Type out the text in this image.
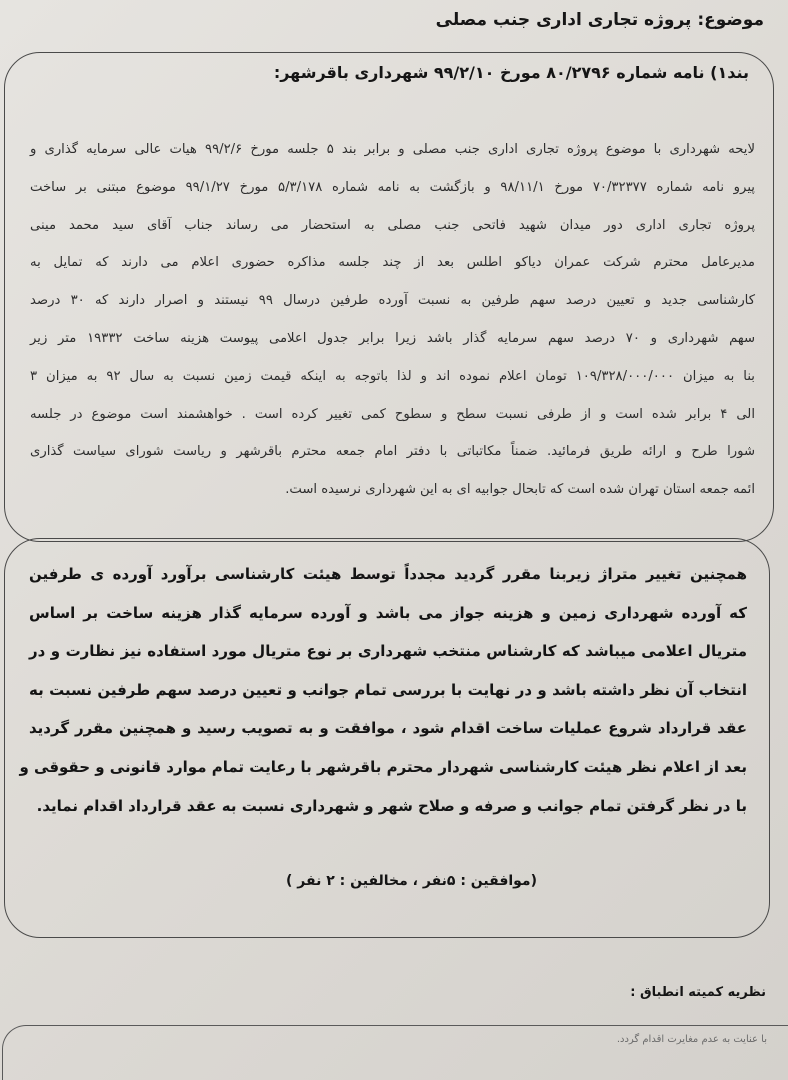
موضوع: پروژه تجاری اداری جنب مصلی
بند۱) نامه شماره ۸۰/۲۷۹۶ مورخ ۹۹/۲/۱۰ شهرداری باقرشهر:
لایحه شهرداری با موضوع پروژه تجاری اداری جنب مصلی و برابر بند ۵ جلسه مورخ ۹۹/۲/۶ هیات عالی سرمایه گذاری و
پیرو نامه شماره ۷۰/۳۲۳۷۷ مورخ ۹۸/۱۱/۱ و بازگشت به نامه شماره ۵/۳/۱۷۸ مورخ ۹۹/۱/۲۷ موضوع مبتنی بر ساخت
پروژه تجاری اداری دور میدان شهید فاتحی جنب مصلی به استحضار می رساند جناب آقای سید محمد مینی
مدیرعامل محترم شرکت عمران دیاکو اطلس بعد از چند جلسه مذاکره حضوری اعلام می دارند که تمایل به
کارشناسی جدید و تعیین درصد سهم طرفین به نسبت آورده طرفین درسال ۹۹ نیستند و اصرار دارند که ۳۰ درصد
سهم شهرداری و ۷۰ درصد سهم سرمایه گذار باشد زیرا برابر جدول اعلامی پیوست هزینه ساخت ۱۹۳۳۲ متر زیر
بنا به میزان ۱۰۹/۳۲۸/۰۰۰/۰۰۰ تومان اعلام نموده اند و لذا باتوجه به اینکه قیمت زمین نسبت به سال ۹۲ به میزان ۳
الی ۴ برابر شده است و از طرفی نسبت سطح و سطوح کمی تغییر کرده است . خواهشمند است موضوع در جلسه
شورا طرح و ارائه طریق فرمائید. ضمناً مکاتباتی با دفتر امام جمعه محترم باقرشهر و ریاست شورای سیاست گذاری
ائمه جمعه استان تهران شده است که تابحال جوابیه ای به این شهرداری نرسیده است.
همچنین تغییر متراژ زیربنا مقرر گردید مجدداً توسط هیئت کارشناسی برآورد آورده ی طرفین
که آورده شهرداری زمین و هزینه جواز می باشد و آورده سرمایه گذار هزینه ساخت بر اساس
متریال اعلامی میباشد که کارشناس منتخب شهرداری بر نوع متریال مورد استفاده نیز نظارت و در
انتخاب آن نظر داشته باشد و در نهایت با بررسی تمام جوانب و تعیین درصد سهم طرفین نسبت به
عقد قرارداد شروع عملیات ساخت اقدام شود ، موافقت و به تصویب رسید و همچنین مقرر گردید
بعد از اعلام نظر هیئت کارشناسی شهردار محترم باقرشهر با رعایت تمام موارد قانونی و حقوقی و
با در نظر گرفتن تمام جوانب و صرفه و صلاح شهر و شهرداری نسبت به عقد قرارداد اقدام نماید.
(موافقین : ۵نفر ، مخالفین : ۲ نفر )
نظریه کمیته انطباق :
با عنایت به عدم مغایرت اقدام گردد.
